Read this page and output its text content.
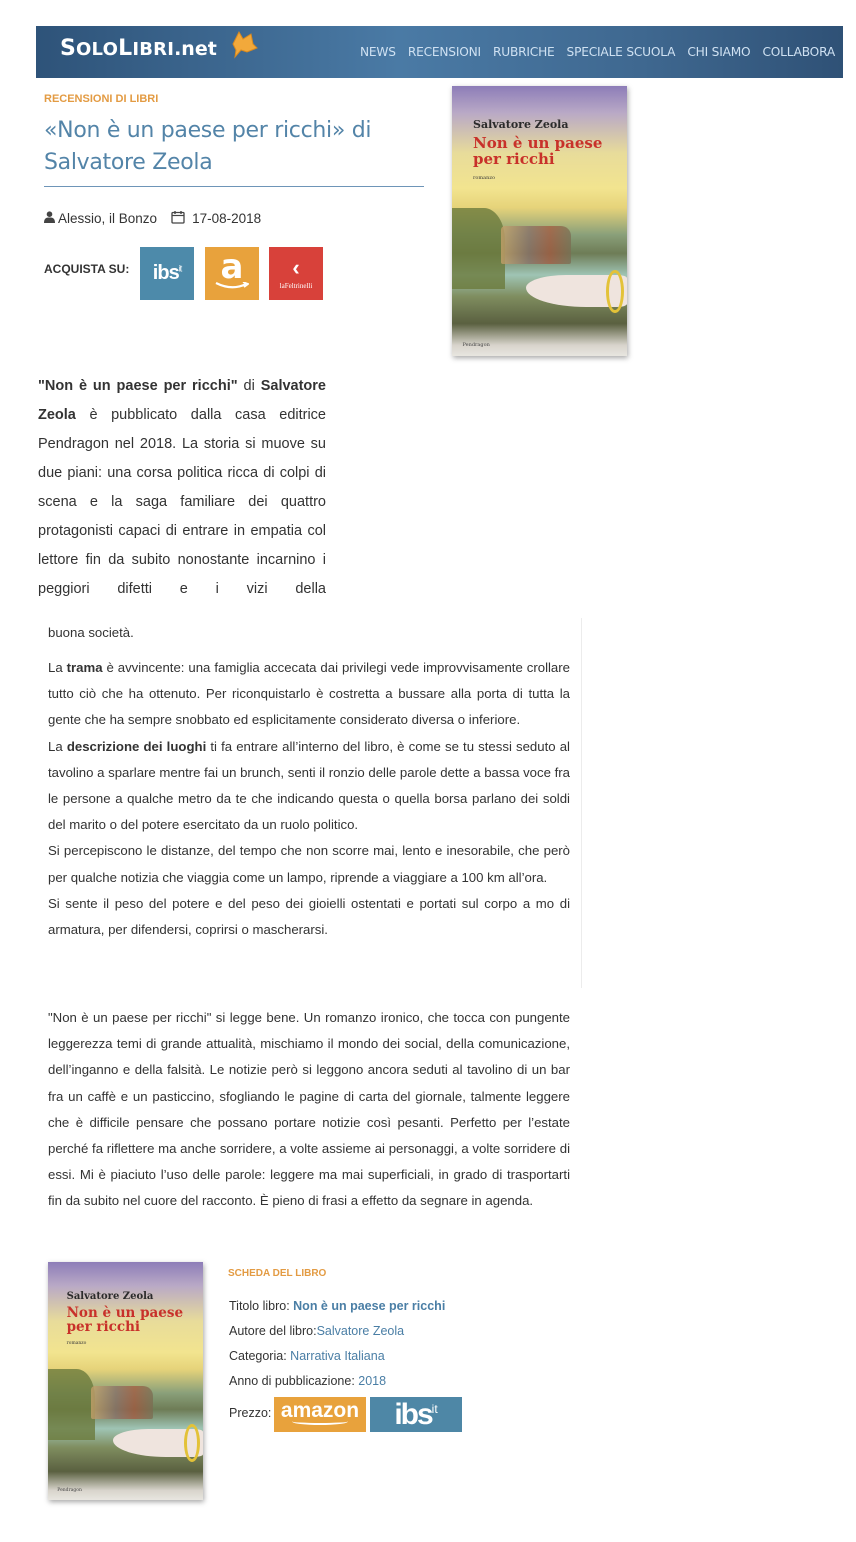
SOLOLIBRI .net	NEWS RECENSIONI RUBRICHE SPECIALE SCUOLA CHI SIAMO COLLABORA
RECENSIONI DI LIBRI
«Non è un paese per ricchi» di Salvatore Zeola
Alessio, il Bonzo	17-08-2018
ACQUISTA SU: ibs$^{it}$ a ‹
laFeltrinelli
Salvatore Zeola
Non è un paese
per ricchi
romanzo
Pendragon

"Non è un paese per ricchi" di Salvatore Zeola è pubblicato dalla casa editrice Pendragon nel 2018. La storia si muove su due piani: una corsa politica ricca di colpi di scena e la saga familiare dei quattro protagonisti capaci di entrare in empatia col lettore fin da subito nonostante incarnino i peggiori difetti e i vizi della

buona società.

La trama è avvincente: una famiglia accecata dai privilegi vede improvvisamente crollare tutto ciò che ha ottenuto. Per riconquistarlo è costretta a bussare alla porta di tutta la gente che ha sempre snobbato ed esplicitamente considerato diversa o inferiore.
La descrizione dei luoghi ti fa entrare all’interno del libro, è come se tu stessi seduto al tavolino a sparlare mentre fai un brunch, senti il ronzio delle parole dette a bassa voce fra le persone a qualche metro da te che indicando questa o quella borsa parlano dei soldi del marito o del potere esercitato da un ruolo politico.
Si percepiscono le distanze, del tempo che non scorre mai, lento e inesorabile, che però per qualche notizia che viaggia come un lampo, riprende a viaggiare a 100 km all’ora.
Si sente il peso del potere e del peso dei gioielli ostentati e portati sul corpo a mo di armatura, per difendersi, coprirsi o mascherarsi.

"Non è un paese per ricchi" si legge bene. Un romanzo ironico, che tocca con pungente leggerezza temi di grande attualità, mischiamo il mondo dei social, della comunicazione, dell’inganno e della falsità. Le notizie però si leggono ancora seduti al tavolino di un bar fra un caffè e un pasticcino, sfogliando le pagine di carta del giornale, talmente leggere che è difficile pensare che possano portare notizie così pesanti. Perfetto per l’estate perché fa riflettere ma anche sorridere, a volte assieme ai personaggi, a volte sorridere di essi. Mi è piaciuto l’uso delle parole: leggere ma mai superficiali, in grado di trasportarti fin da subito nel cuore del racconto. È pieno di frasi a effetto da segnare in agenda.

Salvatore Zeola
Non è un paese
per ricchi
romanzo
Pendragon
SCHEDA DEL LIBRO
Titolo libro: Non è un paese per ricchi
Autore del libro:Salvatore Zeola
Categoria: Narrativa Italiana
Anno di pubblicazione: 2018
Prezzo: amazon ibs$^{it}$
